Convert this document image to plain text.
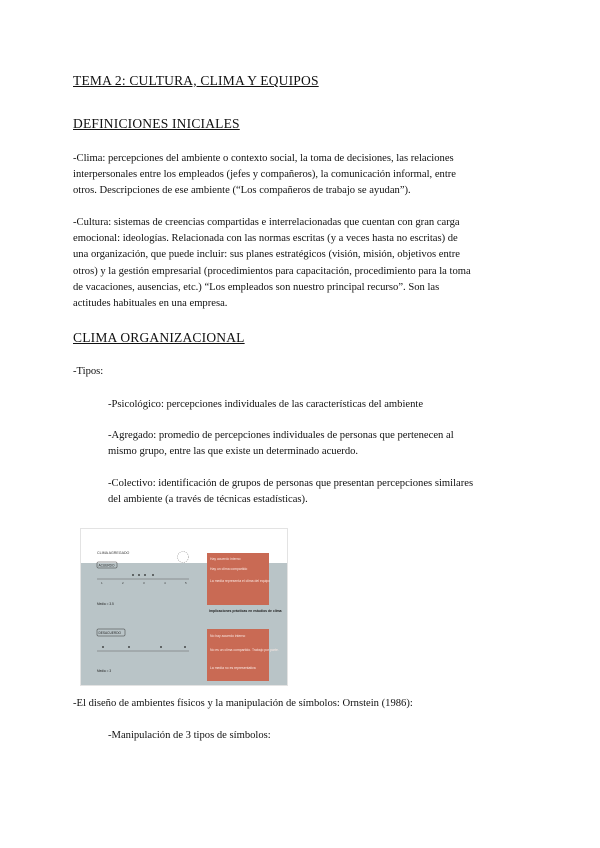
TEMA 2: CULTURA, CLIMA Y EQUIPOS
DEFINICIONES INICIALES

-Clima: percepciones del ambiente o contexto social, la toma de decisiones, las relaciones

interpersonales entre los empleados (jefes y compañeros), la comunicación informal, entre

otros. Descripciones de ese ambiente (“Los compañeros de trabajo se ayudan”).

-Cultura: sistemas de creencias compartidas e interrelacionadas que cuentan con gran carga

emocional: ideologías. Relacionada con las normas escritas (y a veces hasta no escritas) de

una organización, que puede incluir: sus planes estratégicos (visión, misión, objetivos entre

otros) y la gestión empresarial (procedimientos para capacitación, procedimiento para la toma

de vacaciones, ausencias, etc.) “Los empleados son nuestro principal recurso”. Son las

actitudes habituales en una empresa.

CLIMA ORGANIZACIONAL

-Tipos:

-Psicológico: percepciones individuales de las características del ambiente

-Agregado: promedio de percepciones individuales de personas que pertenecen al

mismo grupo, entre las que existe un determinado acuerdo.

-Colectivo: identificación de grupos de personas que presentan percepciones similares

del ambiente (a través de técnicas estadísticas).

CLIMA AGREGADO
ACUERDO
1	2	3	4	5
Media = 3.5
DESACUERDO
Media = 3
Hay acuerdo interno
Hay un clima compartido
La media representa el clima del equipo
Implicaciones prácticas en estudios de clima
No hay acuerdo interno
No es un clima compartido. Trabajo por parte.
La media no es representativa

-El diseño de ambientes físicos y la manipulación de símbolos: Ornstein (1986):

-Manipulación de 3 tipos de símbolos:
